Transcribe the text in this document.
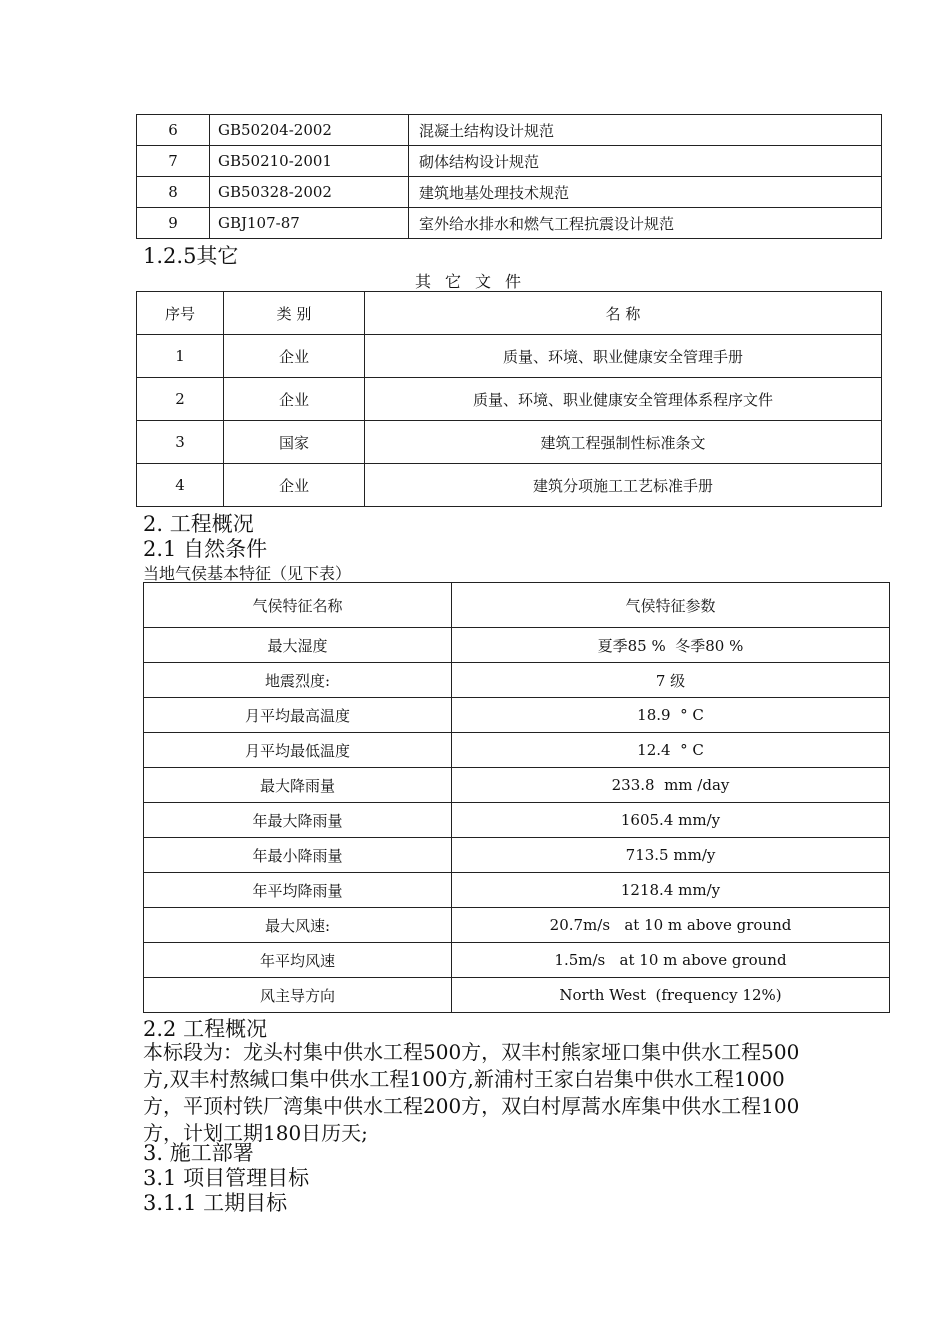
6	GB50204-2002	混凝土结构设计规范
7	GB50210-2001	砌体结构设计规范
8	GB50328-2002	建筑地基处理技术规范
9	GBJ107-87	室外给水排水和燃气工程抗震设计规范
1.2.5其它
其它文件
序号	类 别	名 称
1	企业	质量、环境、职业健康安全管理手册
2	企业	质量、环境、职业健康安全管理体系程序文件
3	国家	建筑工程强制性标准条文
4	企业	建筑分项施工工艺标准手册
2. 工程概况
2.1 自然条件
当地气侯基本特征（见下表）
气侯特征名称	气侯特征参数
最大湿度	夏季85 %  冬季80 %
地震烈度:	7 级
月平均最高温度	18.9  ° C
月平均最低温度	12.4  ° C
最大降雨量	233.8  mm /day
年最大降雨量	1605.4 mm/y
年最小降雨量	713.5 mm/y
年平均降雨量	1218.4 mm/y
最大风速:	20.7m/s   at 10 m above ground
年平均风速	1.5m/s   at 10 m above ground
风主导方向	North West  (frequency 12%)
2.2 工程概况

本标段为：龙头村集中供水工程500方，双丰村熊家垭口集中供水工程500方,双丰村熬缄口集中供水工程100方,新浦村王家白岩集中供水工程1000方，平顶村铁厂湾集中供水工程200方，双白村厚蒿水库集中供水工程100方，计划工期180日历天;

3. 施工部署
3.1 项目管理目标
3.1.1 工期目标
